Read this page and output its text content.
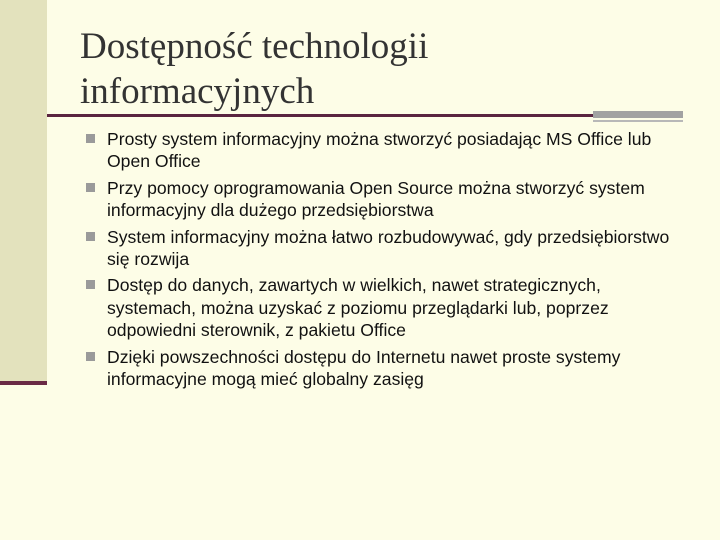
Dostępność technologii
informacyjnych
Prosty system informacyjny można stworzyć posiadając MS Office lub Open Office
Przy pomocy oprogramowania Open Source można stworzyć system informacyjny dla dużego przedsiębiorstwa
System informacyjny można łatwo rozbudowywać, gdy przedsiębiorstwo się rozwija
Dostęp do danych, zawartych w wielkich, nawet strategicznych, systemach, można uzyskać z poziomu przeglądarki lub, poprzez odpowiedni sterownik, z pakietu Office
Dzięki powszechności dostępu do Internetu nawet proste systemy informacyjne mogą mieć globalny zasięg
